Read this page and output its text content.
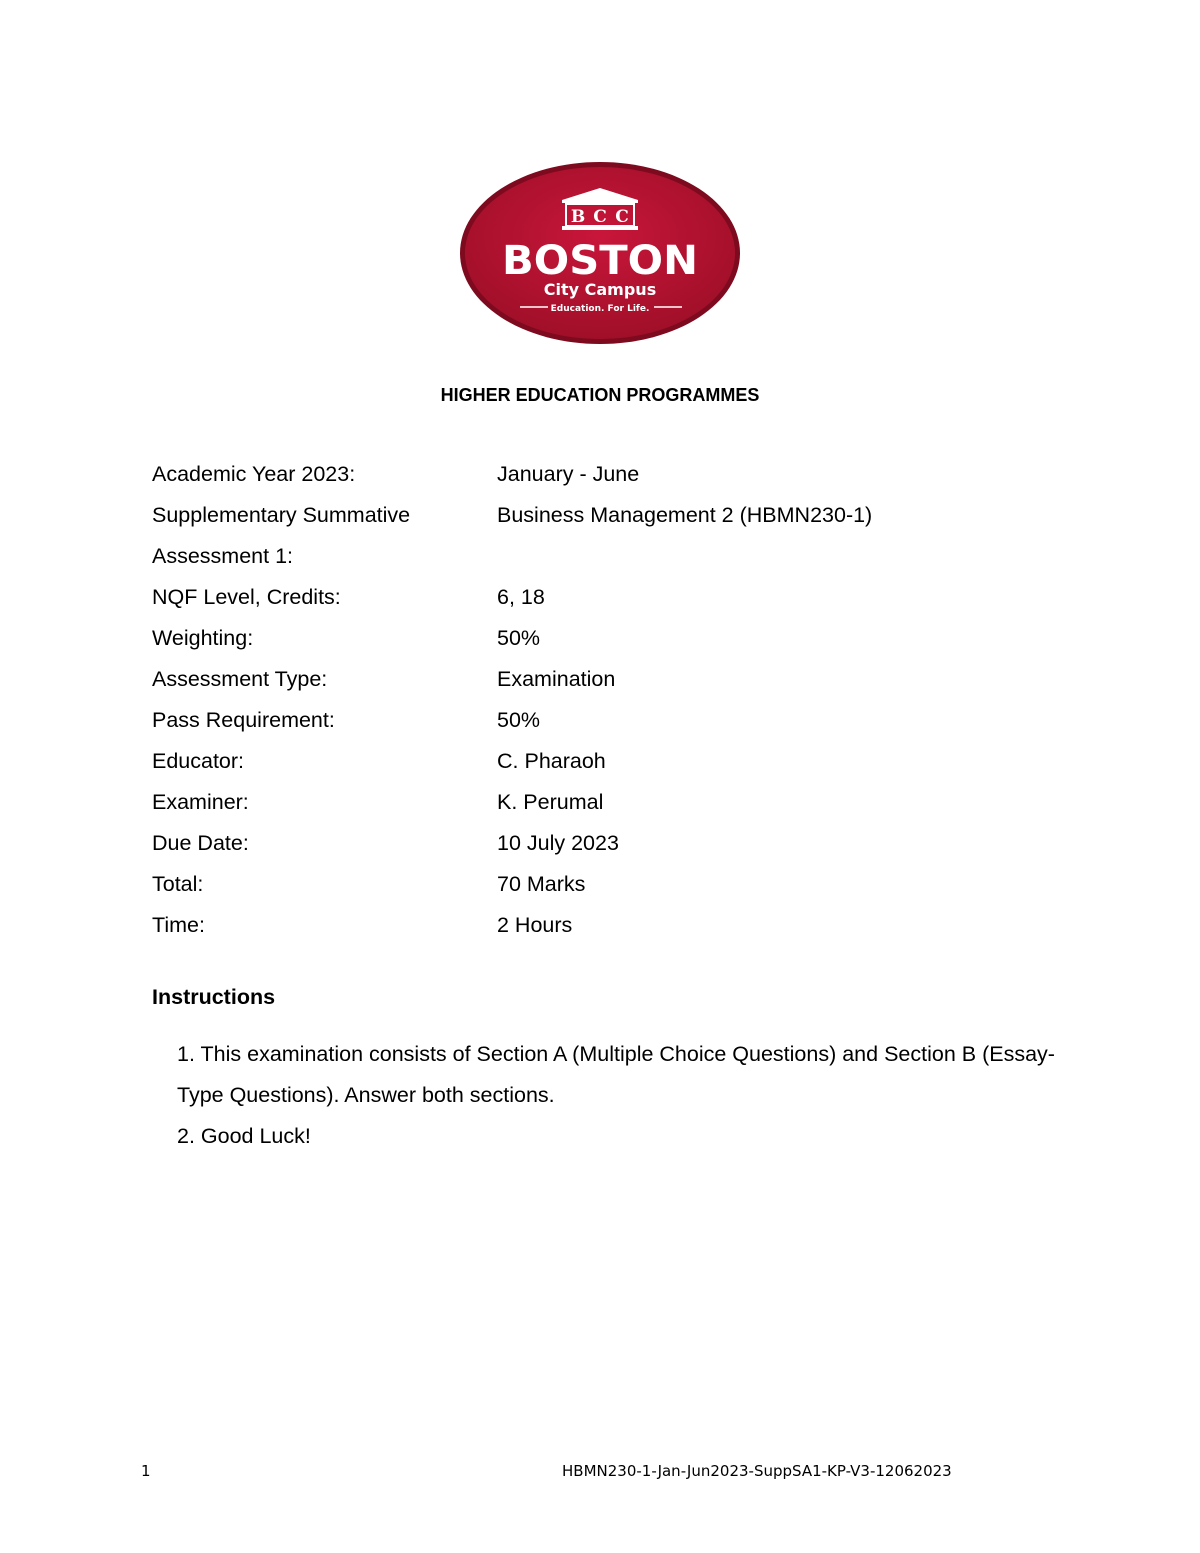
B C C
BOSTON
City Campus
Education. For Life.
HIGHER EDUCATION PROGRAMMES
Academic Year 2023:	January - June
Supplementary Summative	Business Management 2 (HBMN230-1)
Assessment 1:
NQF Level, Credits:	6, 18
Weighting:	50%
Assessment Type:	Examination
Pass Requirement:	50%
Educator:	C. Pharaoh
Examiner:	K. Perumal
Due Date:	10 July 2023
Total:	70 Marks
Time:	2 Hours
Instructions
1. This examination consists of Section A (Multiple Choice Questions) and Section B (Essay-Type Questions). Answer both sections.
2. Good Luck!
1	HBMN230-1-Jan-Jun2023-SuppSA1-KP-V3-12062023
